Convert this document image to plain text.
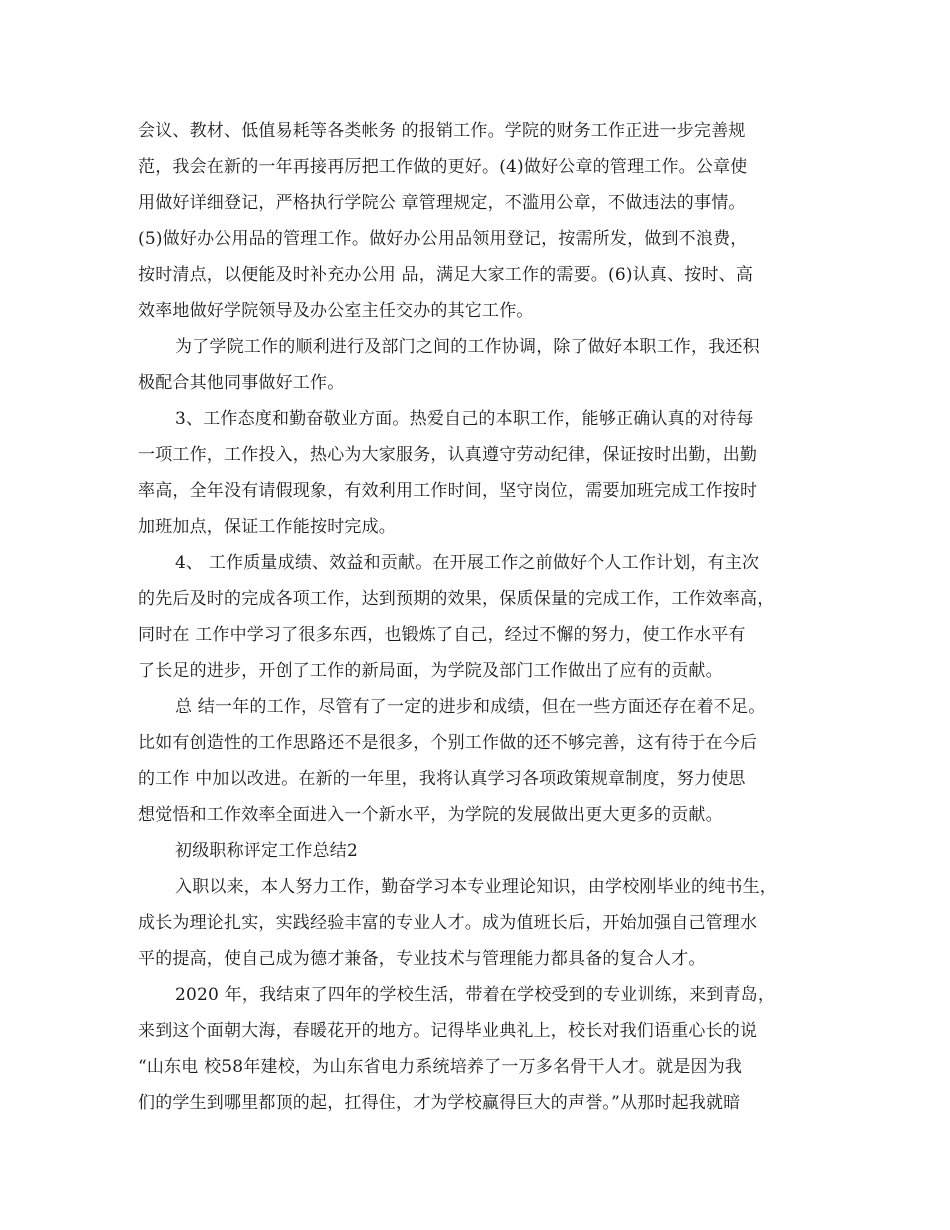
会议、教材、低值易耗等各类帐务 的报销工作。学院的财务工作正进一步完善规
范，我会在新的一年再接再厉把工作做的更好。(4)做好公章的管理工作。公章使
用做好详细登记，严格执行学院公 章管理规定，不滥用公章，不做违法的事情。
(5)做好办公用品的管理工作。做好办公用品领用登记，按需所发，做到不浪费，
按时清点，以便能及时补充办公用 品，满足大家工作的需要。(6)认真、按时、高
效率地做好学院领导及办公室主任交办的其它工作。
为了学院工作的顺利进行及部门之间的工作协调，除了做好本职工作，我还积
极配合其他同事做好工作。
3、工作态度和勤奋敬业方面。热爱自己的本职工作，能够正确认真的对待每
一项工作，工作投入，热心为大家服务，认真遵守劳动纪律，保证按时出勤，出勤
率高，全年没有请假现象，有效利用工作时间，坚守岗位，需要加班完成工作按时
加班加点，保证工作能按时完成。
4、 工作质量成绩、效益和贡献。在开展工作之前做好个人工作计划，有主次
的先后及时的完成各项工作，达到预期的效果，保质保量的完成工作，工作效率高，
同时在 工作中学习了很多东西，也锻炼了自己，经过不懈的努力，使工作水平有
了长足的进步，开创了工作的新局面，为学院及部门工作做出了应有的贡献。
总 结一年的工作，尽管有了一定的进步和成绩，但在一些方面还存在着不足。
比如有创造性的工作思路还不是很多，个别工作做的还不够完善，这有待于在今后
的工作 中加以改进。在新的一年里，我将认真学习各项政策规章制度，努力使思
想觉悟和工作效率全面进入一个新水平，为学院的发展做出更大更多的贡献。
初级职称评定工作总结2
入职以来，本人努力工作，勤奋学习本专业理论知识，由学校刚毕业的纯书生，
成长为理论扎实，实践经验丰富的专业人才。成为值班长后，开始加强自己管理水
平的提高，使自己成为德才兼备，专业技术与管理能力都具备的复合人才。
2020 年，我结束了四年的学校生活，带着在学校受到的专业训练，来到青岛，
来到这个面朝大海，春暖花开的地方。记得毕业典礼上，校长对我们语重心长的说
“山东电 校58年建校，为山东省电力系统培养了一万多名骨干人才。就是因为我
们的学生到哪里都顶的起，扛得住，才为学校赢得巨大的声誉。”从那时起我就暗
